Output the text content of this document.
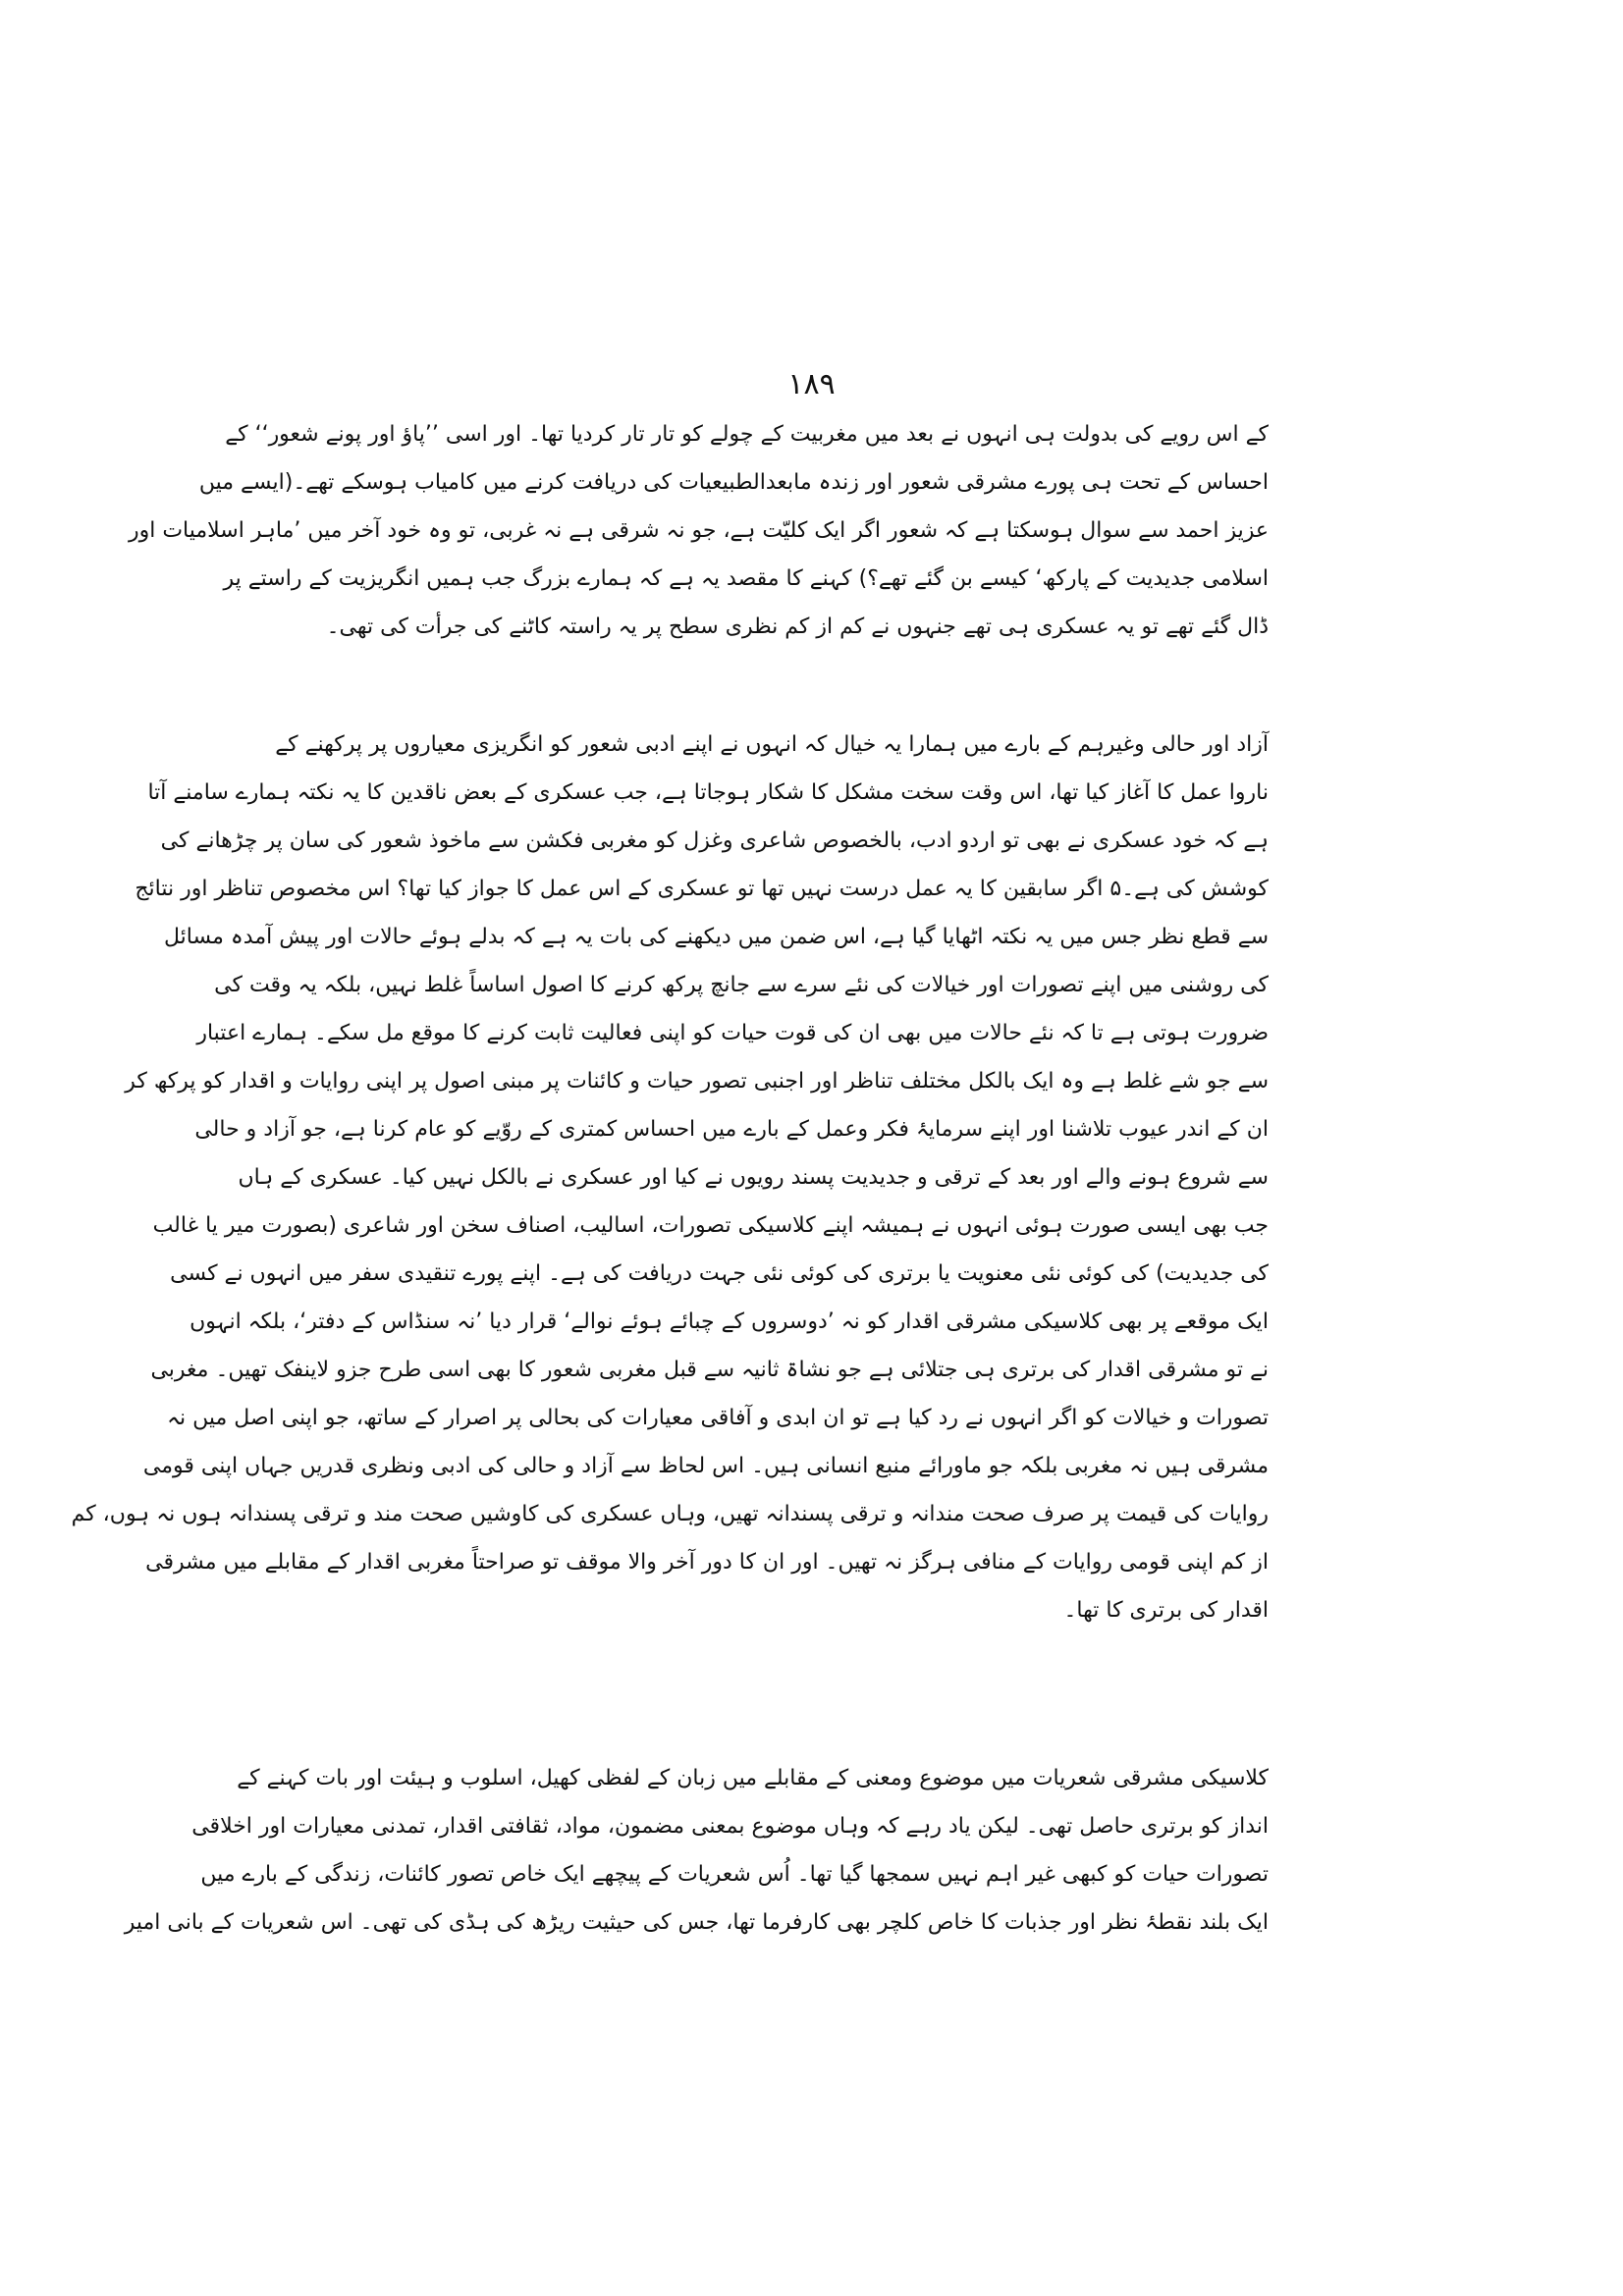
۱۸۹
کے اس رویے کی بدولت ہی انہوں نے بعد میں مغربیت کے چولے کو تار تار کردیا تھا۔ اور اسی ’’پاؤ اور پونے شعور‘‘ کے
احساس کے تحت ہی پورے مشرقی شعور اور زندہ مابعدالطبیعیات کی دریافت کرنے میں کامیاب ہوسکے تھے۔(ایسے میں
عزیز احمد سے سوال ہوسکتا ہے کہ شعور اگر ایک کلیّت ہے، جو نہ شرقی ہے نہ غربی، تو وہ خود آخر میں ’ماہر اسلامیات اور
اسلامی جدیدیت کے پارکھ‘ کیسے بن گئے تھے؟) کہنے کا مقصد یہ ہے کہ ہمارے بزرگ جب ہمیں انگریزیت کے راستے پر
ڈال گئے تھے تو یہ عسکری ہی تھے جنہوں نے کم از کم نظری سطح پر یہ راستہ کاٹنے کی جرأت کی تھی۔
آزاد اور حالی وغیرہم کے بارے میں ہمارا یہ خیال کہ انہوں نے اپنے ادبی شعور کو انگریزی معیاروں پر پرکھنے کے
ناروا عمل کا آغاز کیا تھا، اس وقت سخت مشکل کا شکار ہوجاتا ہے، جب عسکری کے بعض ناقدین کا یہ نکتہ ہمارے سامنے آتا
ہے کہ خود عسکری نے بھی تو اردو ادب، بالخصوص شاعری وغزل کو مغربی فکشن سے ماخوذ شعور کی سان پر چڑھانے کی
کوشش کی ہے۔۵ اگر سابقین کا یہ عمل درست نہیں تھا تو عسکری کے اس عمل کا جواز کیا تھا؟ اس مخصوص تناظر اور نتائج
سے قطع نظر جس میں یہ نکتہ اٹھایا گیا ہے، اس ضمن میں دیکھنے کی بات یہ ہے کہ بدلے ہوئے حالات اور پیش آمدہ مسائل
کی روشنی میں اپنے تصورات اور خیالات کی نئے سرے سے جانچ پرکھ کرنے کا اصول اساساً غلط نہیں، بلکہ یہ وقت کی
ضرورت ہوتی ہے تا کہ نئے حالات میں بھی ان کی قوت حیات کو اپنی فعالیت ثابت کرنے کا موقع مل سکے۔ ہمارے اعتبار
سے جو شے غلط ہے وہ ایک بالکل مختلف تناظر اور اجنبی تصور حیات و کائنات پر مبنی اصول پر اپنی روایات و اقدار کو پرکھ کر
ان کے اندر عیوب تلاشنا اور اپنے سرمایۂ فکر وعمل کے بارے میں احساس کمتری کے روّیے کو عام کرنا ہے، جو آزاد و حالی
سے شروع ہونے والے اور بعد کے ترقی و جدیدیت پسند رویوں نے کیا اور عسکری نے بالکل نہیں کیا۔ عسکری کے ہاں
جب بھی ایسی صورت ہوئی انہوں نے ہمیشہ اپنے کلاسیکی تصورات، اسالیب، اصناف سخن اور شاعری (بصورت میر یا غالب
کی جدیدیت) کی کوئی نئی معنویت یا برتری کی کوئی نئی جہت دریافت کی ہے۔ اپنے پورے تنقیدی سفر میں انہوں نے کسی
ایک موقعے پر بھی کلاسیکی مشرقی اقدار کو نہ ’دوسروں کے چبائے ہوئے نوالے‘ قرار دیا ’نہ سنڈاس کے دفتر‘، بلکہ انہوں
نے تو مشرقی اقدار کی برتری ہی جتلائی ہے جو نشاۃ ثانیہ سے قبل مغربی شعور کا بھی اسی طرح جزو لاینفک تھیں۔ مغربی
تصورات و خیالات کو اگر انہوں نے رد کیا ہے تو ان ابدی و آفاقی معیارات کی بحالی پر اصرار کے ساتھ، جو اپنی اصل میں نہ
مشرقی ہیں نہ مغربی بلکہ جو ماورائے منبع انسانی ہیں۔ اس لحاظ سے آزاد و حالی کی ادبی ونظری قدریں جہاں اپنی قومی
روایات کی قیمت پر صرف صحت مندانہ و ترقی پسندانہ تھیں، وہاں عسکری کی کاوشیں صحت مند و ترقی پسندانہ ہوں نہ ہوں، کم
از کم اپنی قومی روایات کے منافی ہرگز نہ تھیں۔ اور ان کا دور آخر والا موقف تو صراحتاً مغربی اقدار کے مقابلے میں مشرقی
اقدار کی برتری کا تھا۔
کلاسیکی مشرقی شعریات میں موضوع ومعنی کے مقابلے میں زبان کے لفظی کھیل، اسلوب و ہیئت اور بات کہنے کے
انداز کو برتری حاصل تھی۔ لیکن یاد رہے کہ وہاں موضوع بمعنی مضمون، مواد، ثقافتی اقدار، تمدنی معیارات اور اخلاقی
تصورات حیات کو کبھی غیر اہم نہیں سمجھا گیا تھا۔ اُس شعریات کے پیچھے ایک خاص تصور کائنات، زندگی کے بارے میں
ایک بلند نقطۂ نظر اور جذبات کا خاص کلچر بھی کارفرما تھا، جس کی حیثیت ریڑھ کی ہڈی کی تھی۔ اس شعریات کے بانی امیر
